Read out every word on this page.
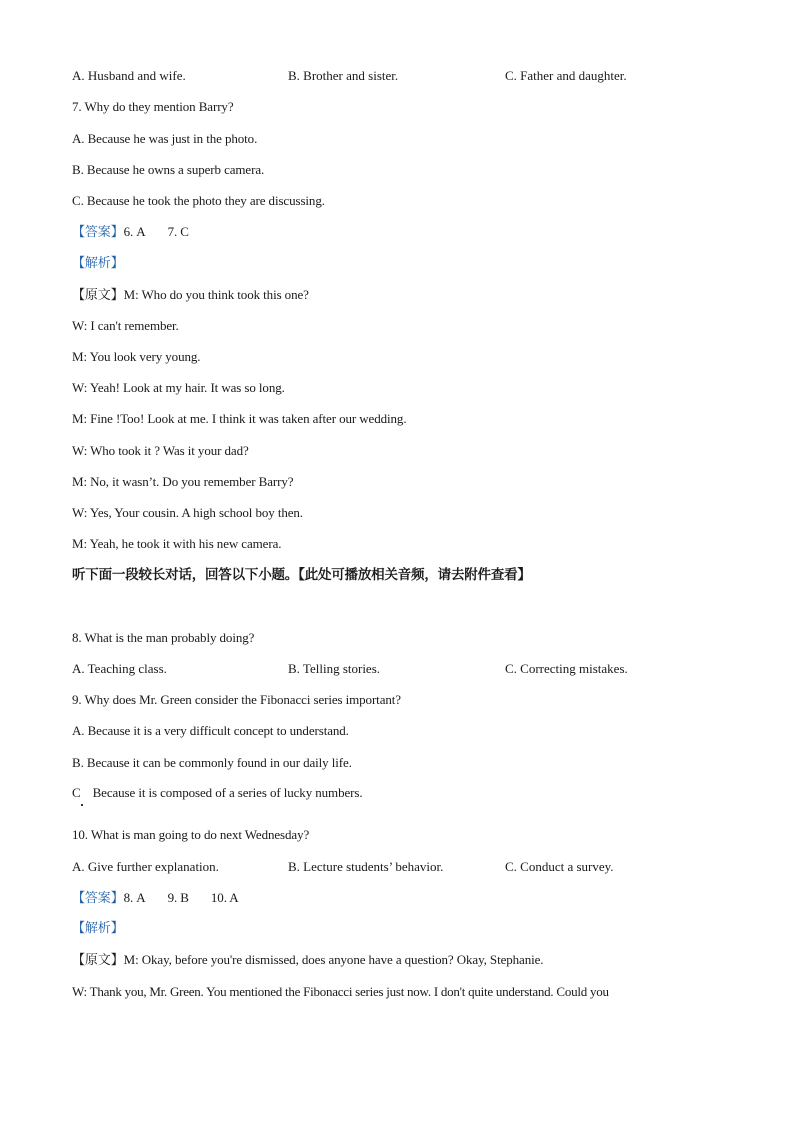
A. Husband and wife.	B. Brother and sister.	C. Father and daughter.
7. Why do they mention Barry?
A. Because he was just in the photo.
B. Because he owns a superb camera.
C. Because he took the photo they are discussing.
【答案】6. A 7. C
【解析】
【原文】M: Who do you think took this one?
W: I can't remember.
M: You look very young.
W: Yeah! Look at my hair. It was so long.
M: Fine !Too! Look at me. I think it was taken after our wedding.
W: Who took it ? Was it your dad?
M: No, it wasn’t. Do you remember Barry?
W: Yes, Your cousin. A high school boy then.
M: Yeah, he took it with his new camera.
听下面一段较长对话，回答以下小题。【此处可播放相关音频，请去附件查看】
8. What is the man probably doing?
A. Teaching class.	B. Telling stories.	C. Correcting mistakes.
9. Why does Mr. Green consider the Fibonacci series important?
A. Because it is a very difficult concept to understand.
B. Because it can be commonly found in our daily life.
C Because it is composed of a series of lucky numbers.
10. What is man going to do next Wednesday?
A. Give further explanation.	B. Lecture students’ behavior.	C. Conduct a survey.
【答案】8. A 9. B 10. A
【解析】
【原文】M: Okay, before you're dismissed, does anyone have a question? Okay, Stephanie.
W: Thank you, Mr. Green. You mentioned the Fibonacci series just now. I don't quite understand. Could you
